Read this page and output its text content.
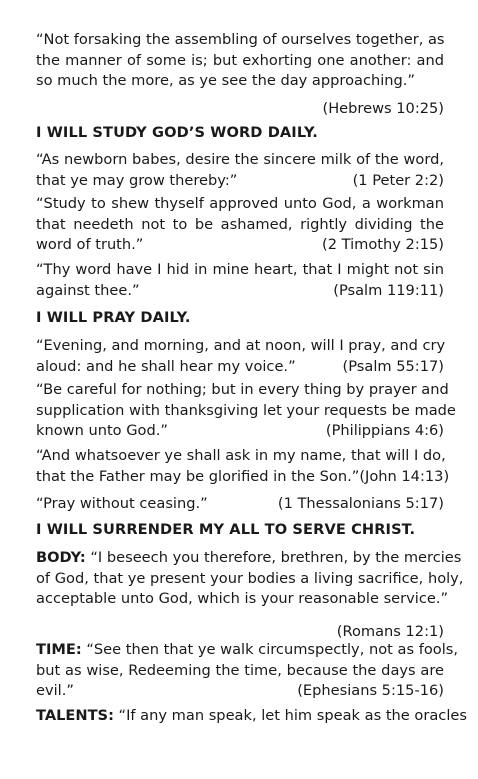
“Not forsaking the assembling of ourselves together, as
the manner of some is; but exhorting one another: and
so much the more, as ye see the day approaching.”
(Hebrews 10:25)
I WILL STUDY GOD’S WORD DAILY.
“As newborn babes, desire the sincere milk of the word,
that ye may grow thereby:”	(1 Peter 2:2)
“Study to shew thyself approved unto God, a workman
that needeth not to be ashamed, rightly dividing the
word of truth.”	(2 Timothy 2:15)
“Thy word have I hid in mine heart, that I might not sin
against thee.”	(Psalm 119:11)
I WILL PRAY DAILY.
“Evening, and morning, and at noon, will I pray, and cry
aloud: and he shall hear my voice.”	(Psalm 55:17)
“Be careful for nothing; but in every thing by prayer and
supplication with thanksgiving let your requests be made
known unto God.”	(Philippians 4:6)
“And whatsoever ye shall ask in my name, that will I do,
that the Father may be glorified in the Son.” (John 14:13)
“Pray without ceasing.”	(1 Thessalonians 5:17)
I WILL SURRENDER MY ALL TO SERVE CHRIST.
BODY: “I beseech you therefore, brethren, by the mercies
of God, that ye present your bodies a living sacrifice, holy,
acceptable unto God, which is your reasonable service.”
(Romans 12:1)
TIME: “See then that ye walk circumspectly, not as fools,
but as wise, Redeeming the time, because the days are
evil.”	(Ephesians 5:15-16)
TALENTS: “If any man speak, let him speak as the oracles
